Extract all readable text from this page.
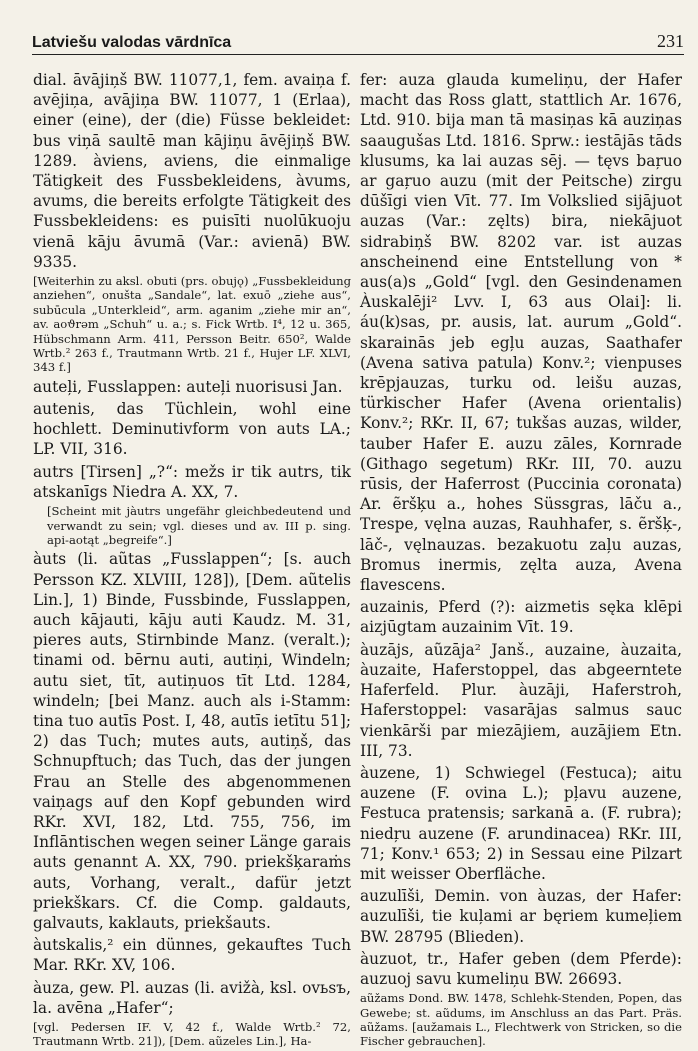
Latviešu valodas vārdnīca	231

dial. āvājiņš BW. 11077,1, fem. avaiņa f. avējiņa, avājiņa BW. 11077, 1 (Erlaa), einer (eine), der (die) Füsse bekleidet: bus viņā saultē man kājiņu āvējiņš BW. 1289. àviens, aviens, die einmalige Tätigkeit des Fussbekleidens, àvums, avums, die bereits erfolgte Tätigkeit des Fussbekleidens: es puisīti nuolūkuoju vienā kāju āvumā (Var.: avienā) BW. 9335.

[Weiterhin zu aksl. obuti (prs. obujǫ) „Fussbekleidung anziehen“, onušta „Sandale“, lat. exuō „ziehe aus“, subūcula „Unterkleid“, arm. aganim „ziehe mir an“, av. aoϑrəm „Schuh“ u. a.; s. Fick Wrtb. I⁴, 12 u. 365, Hübschmann Arm. 411, Persson Beitr. 650², Walde Wrtb.² 263 f., Trautmann Wrtb. 21 f., Hujer LF. XLVI, 343 f.]

auteļi, Fusslappen: auteļi nuorisusi Jan.

autenis, das Tüchlein, wohl eine hochlett. Deminutivform von auts LA.; LP. VII, 316.

autrs [Tirsen] „?“: mežs ir tik autrs, tik atskanīgs Niedra A. XX, 7.

[Scheint mit jàutrs ungefähr gleichbedeutend und verwandt zu sein; vgl. dieses und av. III p. sing. api-aotąt „begreife“.]

àuts (li. aũtas „Fusslappen“; [s. auch Persson KZ. XLVIII, 128]), [Dem. aũtelis Lin.], 1) Binde, Fussbinde, Fusslappen, auch kājauti, kāju auti Kaudz. M. 31, pieres auts, Stirnbinde Manz. (veralt.); tinami od. bērnu auti, autiņi, Windeln; autu siet, tīt, autiņuos tīt Ltd. 1284, windeln; [bei Manz. auch als i-Stamm: tina tuo autīs Post. I, 48, autīs ietītu 51]; 2) das Tuch; mutes auts, autiņš, das Schnupftuch; das Tuch, das der jungen Frau an Stelle des abgenommenen vaiņags auf den Kopf gebunden wird RKr. XVI, 182, Ltd. 755, 756, im Inflāntischen wegen seiner Länge garais auts genannt A. XX, 790. priekšķaraṁs auts, Vorhang, veralt., dafür jetzt priekškars. Cf. die Comp. galdauts, galvauts, kaklauts, priekšauts.

àutskalis,² ein dünnes, gekauftes Tuch Mar. RKr. XV, 106.

àuza, gew. Pl. auzas (li. avižà, ksl. ovьsъ, la. avēna „Hafer“;

[vgl. Pedersen IF. V, 42 f., Walde Wrtb.² 72, Trautmann Wrtb. 21]), [Dem. aũzeles Lin.], Ha-

fer: auza glauda kumeliņu, der Hafer macht das Ross glatt, stattlich Ar. 1676, Ltd. 910. bija man tā masiņas kā auziņas saaugušas Ltd. 1816. Sprw.: iestājās tāds klusums, ka lai auzas sēj. — tęvs baŗuo ar gaŗuo auzu (mit der Peitsche) zirgu dūšīgi vien Vīt. 77. Im Volkslied sijājuot auzas (Var.: zęlts) bira, niekājuot sidrabiņš BW. 8202 var. ist auzas anscheinend eine Entstellung von * aus(a)s „Gold“ [vgl. den Gesindenamen Àuskalēji² Lvv. I, 63 aus Olai]: li. áu(k)sas, pr. ausis, lat. aurum „Gold“. skarainās jeb egļu auzas, Saathafer (Avena sativa patula) Konv.²; vienpuses krēpjauzas, turku od. leišu auzas, türkischer Hafer (Avena orientalis) Konv.²; RKr. II, 67; tukšas auzas, wilder, tauber Hafer E. auzu zāles, Kornrade (Githago segetum) RKr. III, 70. auzu rūsis, der Haferrost (Puccinia coronata) Ar. ẽršķu a., hohes Süssgras, lāču a., Trespe, vęlna auzas, Rauhhafer, s. ẽršķ-, lāč-, vęlnauzas. bezakuotu zaļu auzas, Bromus inermis, zęlta auza, Avena flavescens.

auzainis, Pferd (?): aizmetis sęka klēpi aizjūgtam auzainim Vīt. 19.

àuzājs, aũzāja² Janš., auzaine, àuzaita, àuzaite, Haferstoppel, das abgeerntete Haferfeld. Plur. àuzāji, Haferstroh, Haferstoppel: vasarājas salmus sauc vienkārši par miezājiem, auzājiem Etn. III, 73.

àuzene, 1) Schwiegel (Festuca); aitu auzene (F. ovina L.); pļavu auzene, Festuca pratensis; sarkanā a. (F. rubra); niedŗu auzene (F. arundinacea) RKr. III, 71; Konv.¹ 653; 2) in Sessau eine Pilzart mit weisser Oberfläche.

auzulīši, Demin. von àuzas, der Hafer: auzulīši, tie kuļami ar bęriem kumeļiem BW. 28795 (Blieden).

àuzuot, tr., Hafer geben (dem Pferde): auzuoj savu kumeliņu BW. 26693.

aũžams Dond. BW. 1478, Schlehk-Stenden, Popen, das Gewebe; st. aũdums, im Anschluss an das Part. Präs. aũžams. [aužamais L., Flechtwerk von Stricken, so die Fischer gebrauchen].
